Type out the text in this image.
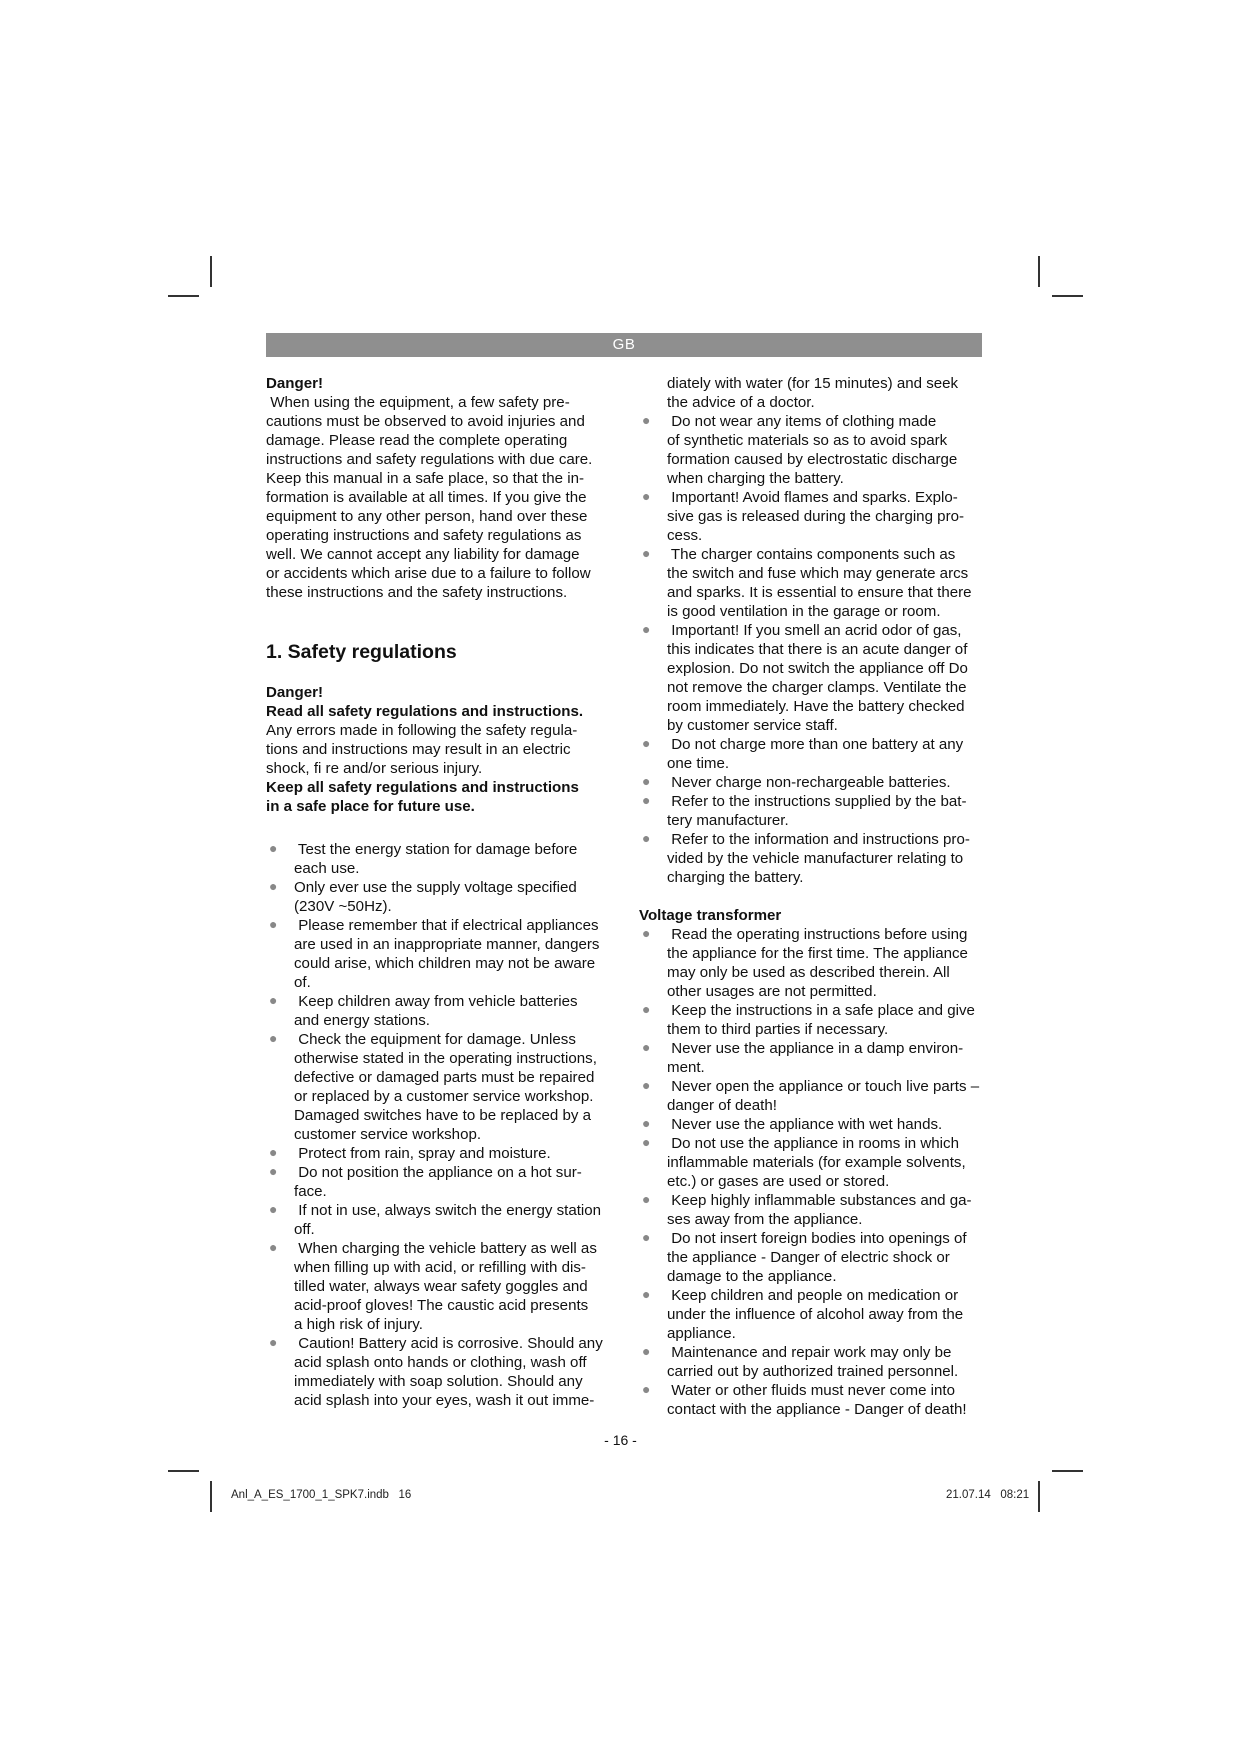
GB

Danger!

When using the equipment, a few safety pre-
cautions must be observed to avoid injuries and
damage. Please read the complete operating
instructions and safety regulations with due care.
Keep this manual in a safe place, so that the in-
formation is available at all times. If you give the
equipment to any other person, hand over these
operating instructions and safety regulations as
well. We cannot accept any liability for damage
or accidents which arise due to a failure to follow
these instructions and the safety instructions.
1. Safety regulations

Danger!

Read all safety regulations and instructions.

Any errors made in following the safety regula-
tions and instructions may result in an electric
shock, fi re and/or serious injury.
Keep all safety regulations and instructions
in a safe place for future use.
● Test the energy station for damage before
each use.
● Only ever use the supply voltage specified
(230V ~50Hz).
● Please remember that if electrical appliances
are used in an inappropriate manner, dangers
could arise, which children may not be aware
of.
● Keep children away from vehicle batteries
and energy stations.
● Check the equipment for damage. Unless
otherwise stated in the operating instructions,
defective or damaged parts must be repaired
or replaced by a customer service workshop.
Damaged switches have to be replaced by a
customer service workshop.
● Protect from rain, spray and moisture.
● Do not position the appliance on a hot sur-
face.
● If not in use, always switch the energy station
off.
● When charging the vehicle battery as well as
when filling up with acid, or refilling with dis-
tilled water, always wear safety goggles and
acid-proof gloves! The caustic acid presents
a high risk of injury.
● Caution! Battery acid is corrosive. Should any
acid splash onto hands or clothing, wash off
immediately with soap solution. Should any
acid splash into your eyes, wash it out imme-
diately with water (for 15 minutes) and seek
the advice of a doctor.
● Do not wear any items of clothing made
of synthetic materials so as to avoid spark
formation caused by electrostatic discharge
when charging the battery.
● Important! Avoid flames and sparks. Explo-
sive gas is released during the charging pro-
cess.
● The charger contains components such as
the switch and fuse which may generate arcs
and sparks. It is essential to ensure that there
is good ventilation in the garage or room.
● Important! If you smell an acrid odor of gas,
this indicates that there is an acute danger of
explosion. Do not switch the appliance off Do
not remove the charger clamps. Ventilate the
room immediately. Have the battery checked
by customer service staff.
● Do not charge more than one battery at any
one time.
● Never charge non-rechargeable batteries.
● Refer to the instructions supplied by the bat-
tery manufacturer.
● Refer to the information and instructions pro-
vided by the vehicle manufacturer relating to
charging the battery.

Voltage transformer

● Read the operating instructions before using
the appliance for the first time. The appliance
may only be used as described therein. All
other usages are not permitted.
● Keep the instructions in a safe place and give
them to third parties if necessary.
● Never use the appliance in a damp environ-
ment.
● Never open the appliance or touch live parts –
danger of death!
● Never use the appliance with wet hands.
● Do not use the appliance in rooms in which
inflammable materials (for example solvents,
etc.) or gases are used or stored.
● Keep highly inflammable substances and ga-
ses away from the appliance.
● Do not insert foreign bodies into openings of
the appliance - Danger of electric shock or
damage to the appliance.
● Keep children and people on medication or
under the influence of alcohol away from the
appliance.
● Maintenance and repair work may only be
carried out by authorized trained personnel.
● Water or other fluids must never come into
contact with the appliance - Danger of death!
- 16 -
Anl_A_ES_1700_1_SPK7.indb   16	21.07.14   08:21
